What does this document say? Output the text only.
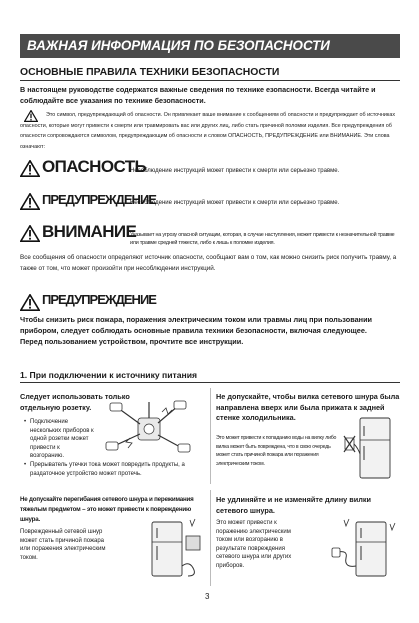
ВАЖНАЯ ИНФОРМАЦИЯ ПО БЕЗОПАСНОСТИ
ОСНОВНЫЕ ПРАВИЛА ТЕХНИКИ БЕЗОПАСНОСТИ
В настоящем руководстве содержатся важные сведения по технике езопасности. Всегда читайте и соблюдайте все указания по технике безопасности.
Это символ, предупреждающий об опасности. Он привлекает ваше внимание к сообщениям об опасности и предупреждает об источниках опасности, которые могут привести к смерти или травмировать вас или других лиц, либо стать причиной поломки изделия. Все предупреждения об опасности сопровождаются символом, предупреждающим об опасности и словом ОПАСНОСТЬ, ПРЕДУПРЕЖДЕНИЕ или ВНИМАНИЕ. Эти слова означают:
ОПАСНОСТЬ
Несоблюдение инструкций может привести к смерти или серьезно травме.
ПРЕДУПРЕЖДЕНИЕ
Несоблюдение инструкций может привести к смерти или серьезно травме.
ВНИМАНИЕ
Указывает на угрозу опасной ситуации, которая, в случае наступления, может привести к незначительной травме или травме средней тяжести, либо к лишь к поломке изделия.
Все сообщения об опасности определяют источник опасности, сообщают вам о том, как можно снизить риск получить травму, а также от том, что может произойти при несоблюдении инструкций.
ПРЕДУПРЕЖДЕНИЕ
Чтобы снизить риск пожара, поражения электрическим током или травмы лиц при пользовании прибором, следует соблюдать основные правила техники безопасности, включая следующее.
Перед пользованием устройством, прочтите все инструкции.
1. При подключении к источнику питания
Следует использовать только отдельную розетку.
• Подключение нескольких приборов к одной розетки может привести к возгоранию.
• Прерыватель утечки тока может повредить продукты, а раздаточное устройство может протечь.
Не допускайте, чтобы вилка сетевого шнура была направлена вверх или была прижата к задней стенке холодильника.
Это может привести к попаданию воды на вилку либо вилка может быть повреждена, что в свою очередь может стать причиной пожара или поражения электрическим током.
Не допускайте перегибания сетевого шнура и пережимания тяжелым предметом – это может привести к повреждению шнура.
Поврежденный сетевой шнур может стать причиной пожара или поражения электрическим током.
Не удлиняйте и не изменяйте длину вилки сетевого шнура.
Это может привести к поражению электрическим током или возгоранию в результате повреждения сетевого шнура или других приборов.
3
